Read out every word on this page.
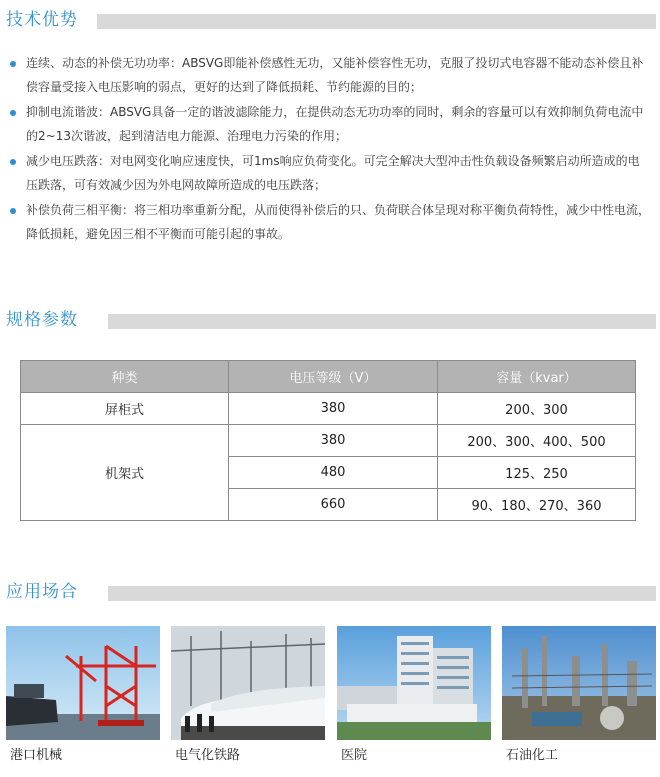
技术优势
连续、动态的补偿无功功率：ABSVG即能补偿感性无功，又能补偿容性无功，克服了投切式电容器不能动态补偿且补偿容量受接入电压影响的弱点，更好的达到了降低损耗、节约能源的目的；
抑制电流谐波：ABSVG具备一定的谐波滤除能力，在提供动态无功功率的同时，剩余的容量可以有效抑制负荷电流中的2~13次谐波，起到清洁电力能源、治理电力污染的作用；
减少电压跌落：对电网变化响应速度快，可1ms响应负荷变化。可完全解决大型冲击性负载设备频繁启动所造成的电压跌落，可有效减少因为外电网故障所造成的电压跌落；
补偿负荷三相平衡：将三相功率重新分配，从而使得补偿后的只、负荷联合体呈现对称平衡负荷特性，减少中性电流，降低损耗，避免因三相不平衡而可能引起的事故。
规格参数
种类	电压等级（V）	容量（kvar）
屏柜式	380	200、300
机架式	380	200、300、400、500
	480	125、250
	660	90、180、270、360
应用场合
港口机械	电气化铁路	医院	石油化工
